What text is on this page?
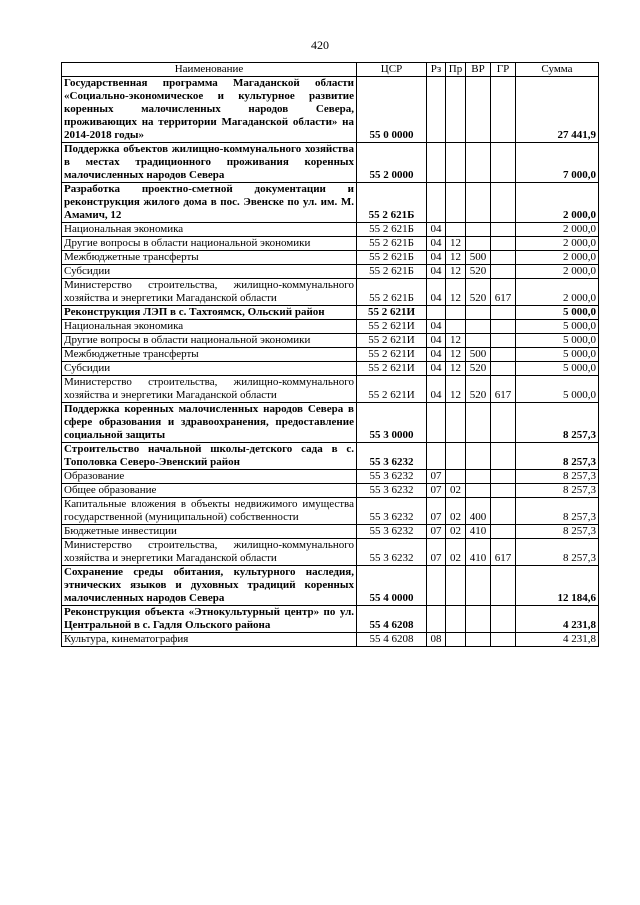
420
Наименование	ЦСР	Рз	Пр	ВР	ГР	Сумма
Государственная программа Магаданской области «Социально-экономическое и культурное развитие коренных малочисленных народов Севера, проживающих на территории Магаданской области» на 2014-2018 годы»	55 0 0000					27 441,9
Поддержка объектов жилищно-коммунального хозяйства в местах традиционного проживания коренных малочисленных народов Севера	55 2 0000					7 000,0
Разработка проектно-сметной документации и реконструкция жилого дома в пос. Эвенске по ул. им. М. Амамич, 12	55 2 621Б					2 000,0
Национальная экономика	55 2 621Б	04				2 000,0
Другие вопросы в области национальной экономики	55 2 621Б	04	12			2 000,0
Межбюджетные трансферты	55 2 621Б	04	12	500		2 000,0
Субсидии	55 2 621Б	04	12	520		2 000,0
Министерство строительства, жилищно-коммунального хозяйства и энергетики Магаданской области	55 2 621Б	04	12	520	617	2 000,0
Реконструкция ЛЭП в с. Тахтоямск, Ольский район	55 2 621И					5 000,0
Национальная экономика	55 2 621И	04				5 000,0
Другие вопросы в области национальной экономики	55 2 621И	04	12			5 000,0
Межбюджетные трансферты	55 2 621И	04	12	500		5 000,0
Субсидии	55 2 621И	04	12	520		5 000,0
Министерство строительства, жилищно-коммунального хозяйства и энергетики Магаданской области	55 2 621И	04	12	520	617	5 000,0
Поддержка коренных малочисленных народов Севера в сфере образования и здравоохранения, предоставление социальной защиты	55 3 0000					8 257,3
Строительство начальной школы-детского сада в с. Тополовка Северо-Эвенский район	55 3 6232					8 257,3
Образование	55 3 6232	07				8 257,3
Общее образование	55 3 6232	07	02			8 257,3
Капитальные вложения в объекты недвижимого имущества государственной (муниципальной) собственности	55 3 6232	07	02	400		8 257,3
Бюджетные инвестиции	55 3 6232	07	02	410		8 257,3
Министерство строительства, жилищно-коммунального хозяйства и энергетики Магаданской области	55 3 6232	07	02	410	617	8 257,3
Сохранение среды обитания, культурного наследия, этнических языков и духовных традиций коренных малочисленных народов Севера	55 4 0000					12 184,6
Реконструкция объекта «Этнокультурный центр» по ул. Центральной в с. Гадля Ольского района	55 4 6208					4 231,8
Культура, кинематография	55 4 6208	08				4 231,8
